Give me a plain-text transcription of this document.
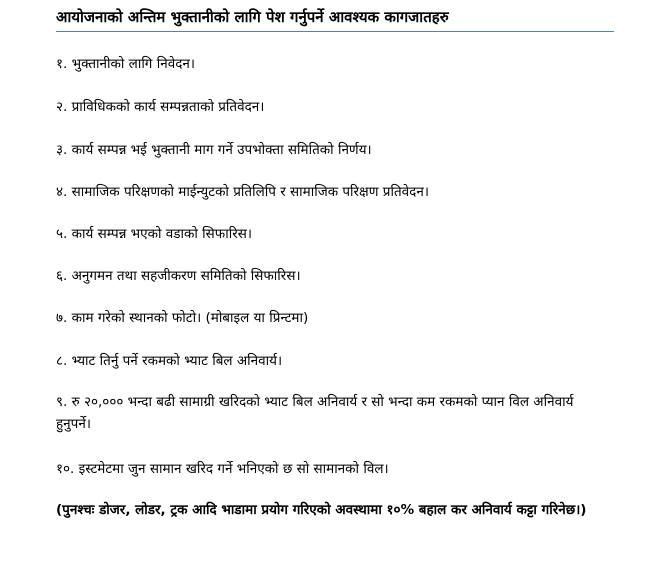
आयोजनाको अन्तिम भुक्तानीको लागि पेश गर्नुपर्ने आवश्यक कागजातहरु
१. भुक्तानीको लागि निवेदन।
२. प्राविधिकको कार्य सम्पन्नताको प्रतिवेदन।
३. कार्य सम्पन्न भई भुक्तानी माग गर्ने उपभोक्ता समितिको निर्णय।
४. सामाजिक परिक्षणको माईन्युटको प्रतिलिपि र सामाजिक परिक्षण प्रतिवेदन।
५. कार्य सम्पन्न भएको वडाको सिफारिस।
६. अनुगमन तथा सहजीकरण समितिको सिफारिस।
७. काम गरेको स्थानको फोटो। (मोबाइल या प्रिन्टमा)
८. भ्याट तिर्नु पर्ने रकमको भ्याट बिल अनिवार्य।
९. रु २०,००० भन्दा बढी सामाग्री खरिदको भ्याट बिल अनिवार्य र सो भन्दा कम रकमको प्यान विल अनिवार्य हुनुपर्ने।
१०. इस्टमेटमा जुन सामान खरिद गर्ने भनिएको छ सो सामानको विल।
(पुनश्चः डोजर, लोडर, ट्रक आदि भाडामा प्रयोग गरिएको अवस्थामा १०% बहाल कर अनिवार्य कट्टा गरिनेछ।)
